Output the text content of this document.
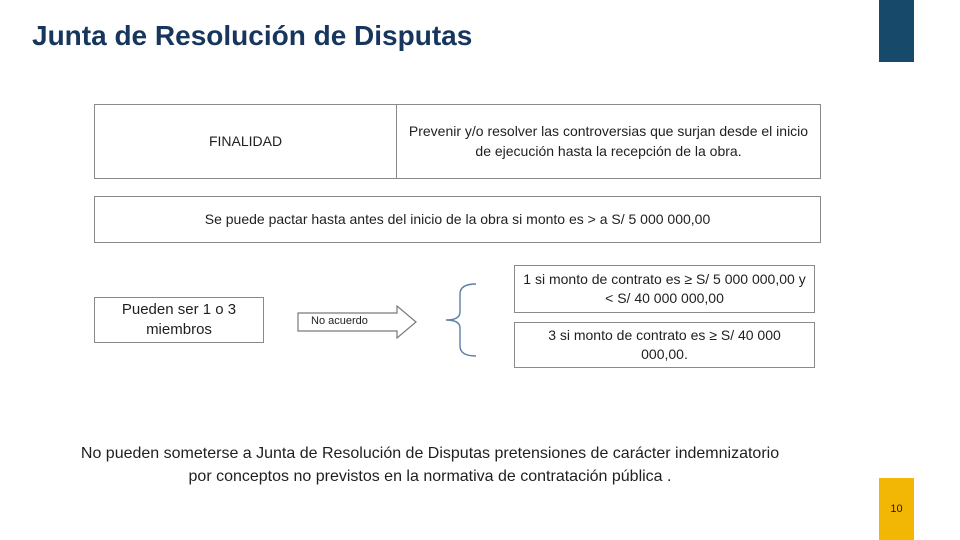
Junta de Resolución de Disputas
FINALIDAD
Prevenir y/o resolver las controversias que surjan desde el inicio de ejecución hasta la recepción de la obra.
Se puede pactar hasta antes del inicio de la obra si monto es > a S/ 5 000 000,00
Pueden ser 1 o 3 miembros	No acuerdo
1 si monto de contrato es ≥ S/ 5 000 000,00 y < S/ 40 000 000,00
3 si monto de contrato es ≥ S/ 40 000 000,00.
No pueden someterse a Junta de Resolución de Disputas pretensiones de carácter indemnizatorio por conceptos no previstos en la normativa de contratación pública .
10
